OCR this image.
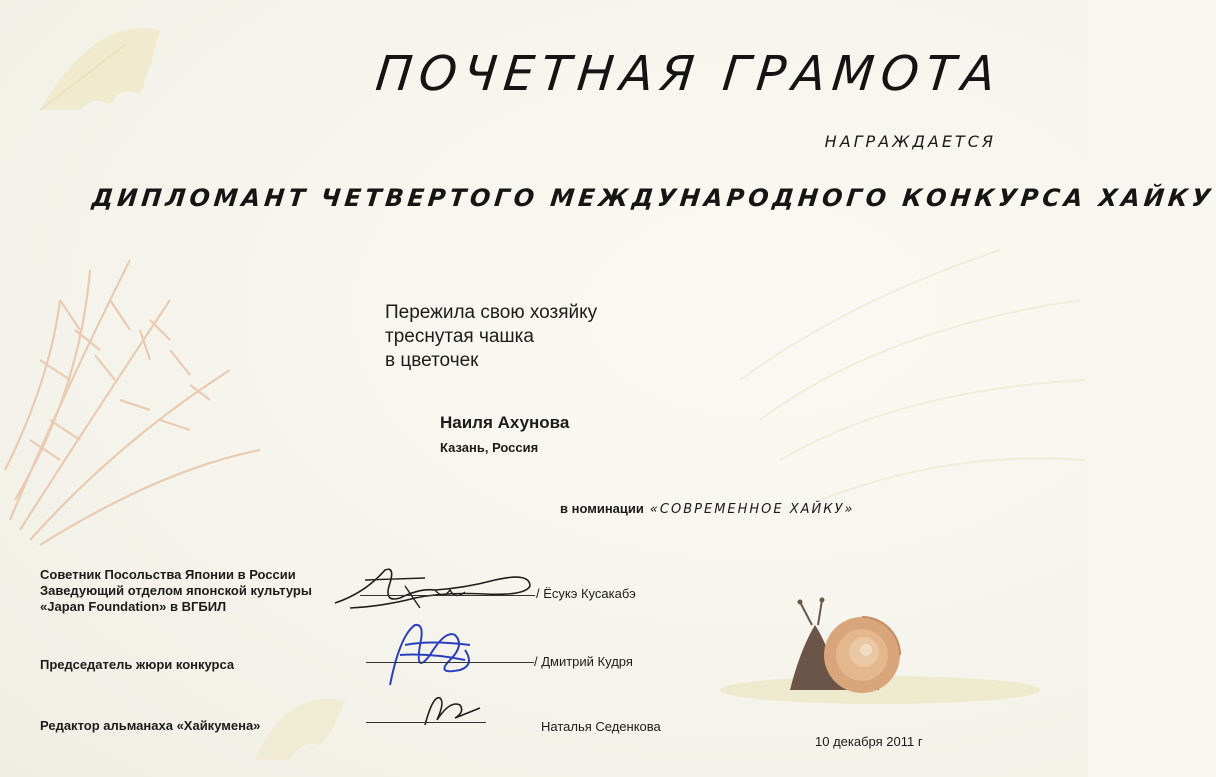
ПОЧЕТНАЯ ГРАМОТА
НАГРАЖДАЕТСЯ
ДИПЛОМАНТ ЧЕТВЕРТОГО МЕЖДУНАРОДНОГО КОНКУРСА ХАЙКУ
Пережила свою хозяйку
треснутая чашка
в цветочек
Наиля Ахунова
Казань, Россия
в номинации «СОВРЕМЕННОЕ ХАЙКУ»
Советник Посольства Японии в России
Заведующий отделом японской культуры
«Japan Foundation» в ВГБИЛ
/ Ёсукэ Кусакабэ
Председатель жюри конкурса	/ Дмитрий Кудря
Редактор альманаха «Хайкумена»	Наталья Седенкова
10 декабря 2011 г
